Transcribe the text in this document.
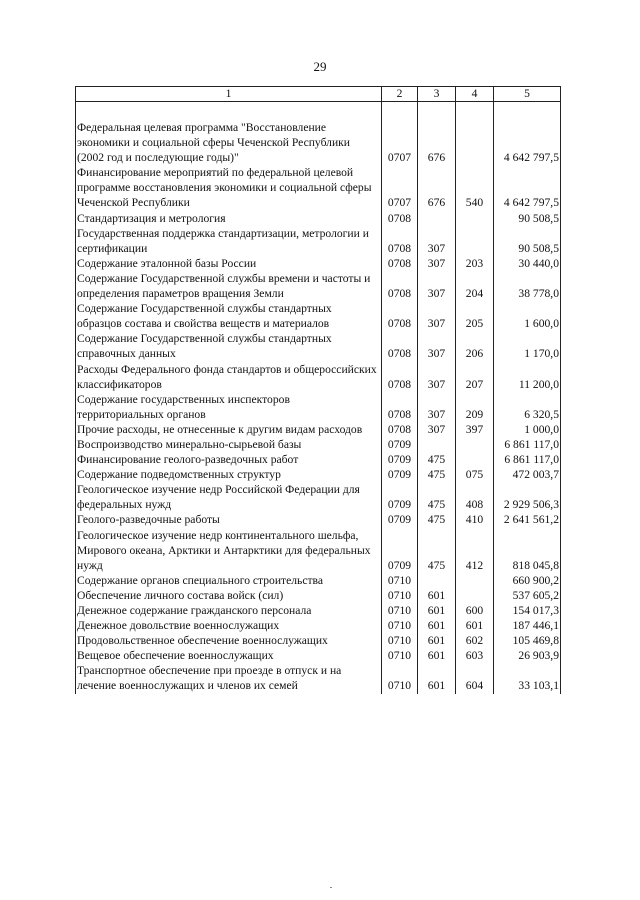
29
1	2	3	4	5

Федеральная целевая программа "Восстановление экономики и социальной сферы Чеченской Республики (2002 год и последующие годы)"	0707	676		4 642 797,5
Финансирование мероприятий по федеральной целевой программе восстановления экономики и социальной сферы Чеченской Республики	0707	676	540	4 642 797,5
Стандартизация и метрология	0708			90 508,5
Государственная поддержка стандартизации, метрологии и сертификации	0708	307		90 508,5
Содержание эталонной базы России	0708	307	203	30 440,0
Содержание Государственной службы времени и частоты и определения параметров вращения Земли	0708	307	204	38 778,0
Содержание Государственной службы стандартных образцов состава и свойства веществ и материалов	0708	307	205	1 600,0
Содержание Государственной службы стандартных справочных данных	0708	307	206	1 170,0
Расходы Федерального фонда стандартов и общероссийских классификаторов	0708	307	207	11 200,0
Содержание государственных инспекторов территориальных органов	0708	307	209	6 320,5
Прочие расходы, не отнесенные к другим видам расходов	0708	307	397	1 000,0
Воспроизводство минерально-сырьевой базы	0709			6 861 117,0
Финансирование геолого-разведочных работ	0709	475		6 861 117,0
Содержание подведомственных структур	0709	475	075	472 003,7
Геологическое изучение недр Российской Федерации для федеральных нужд	0709	475	408	2 929 506,3
Геолого-разведочные работы	0709	475	410	2 641 561,2
Геологическое изучение недр континентального шельфа, Мирового океана, Арктики и Антарктики для федеральных нужд	0709	475	412	818 045,8
Содержание органов специального строительства	0710			660 900,2
Обеспечение личного состава войск (сил)	0710	601		537 605,2
Денежное содержание гражданского персонала	0710	601	600	154 017,3
Денежное довольствие военнослужащих	0710	601	601	187 446,1
Продовольственное обеспечение военнослужащих	0710	601	602	105 469,8
Вещевое обеспечение военнослужащих	0710	601	603	26 903,9
Транспортное обеспечение при проезде в отпуск и на лечение военнослужащих и членов их семей	0710	601	604	33 103,1
